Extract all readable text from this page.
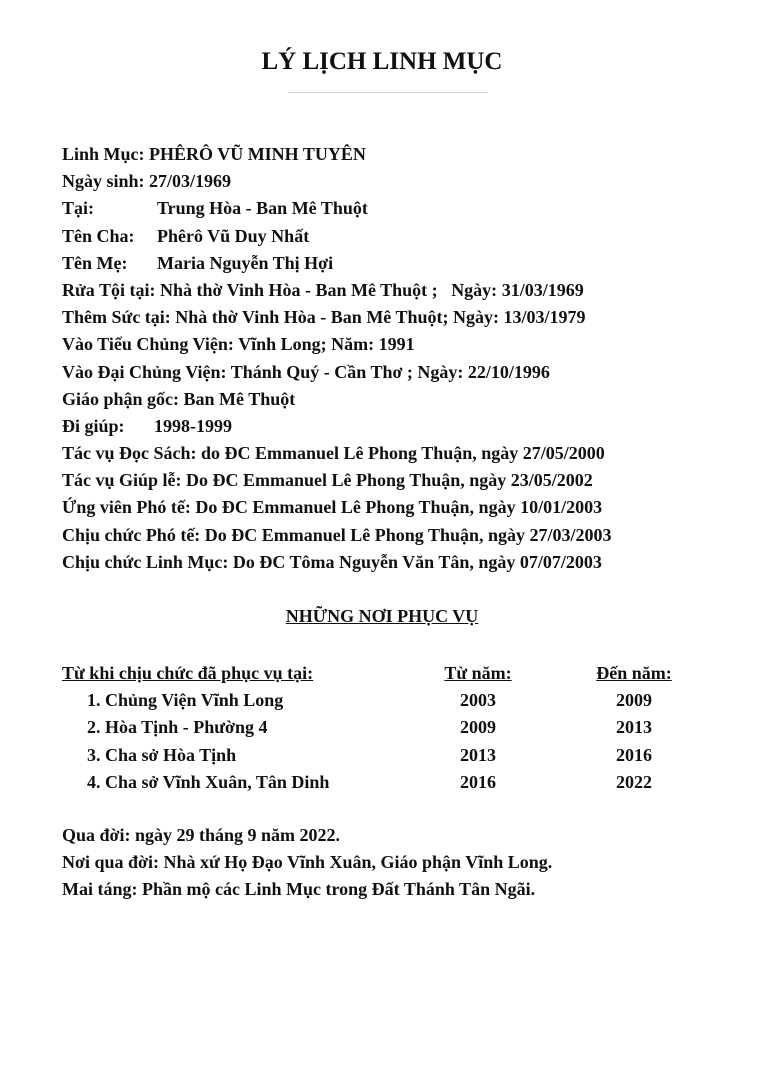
LÝ LỊCH LINH MỤC
Linh Mục: PHÊRÔ VŨ MINH TUYÊN
Ngày sinh: 27/03/1969
Tại:	Trung Hòa - Ban Mê Thuột
Tên Cha: Phêrô Vũ Duy Nhất
Tên Mẹ: Maria Nguyễn Thị Hợi
Rửa Tội tại: Nhà thờ Vinh Hòa - Ban Mê Thuột ; Ngày: 31/03/1969
Thêm Sức tại: Nhà thờ Vinh Hòa - Ban Mê Thuột; Ngày: 13/03/1979
Vào Tiểu Chủng Viện: Vĩnh Long; Năm: 1991
Vào Đại Chủng Viện: Thánh Quý - Cần Thơ ; Ngày: 22/10/1996
Giáo phận gốc: Ban Mê Thuột
Đi giúp: 1998-1999
Tác vụ Đọc Sách: do ĐC Emmanuel Lê Phong Thuận, ngày 27/05/2000
Tác vụ Giúp lễ: Do ĐC Emmanuel Lê Phong Thuận, ngày 23/05/2002
Ứng viên Phó tế: Do ĐC Emmanuel Lê Phong Thuận, ngày 10/01/2003
Chịu chức Phó tế: Do ĐC Emmanuel Lê Phong Thuận, ngày 27/03/2003
Chịu chức Linh Mục: Do ĐC Tôma Nguyễn Văn Tân, ngày 07/07/2003
NHỮNG NƠI PHỤC VỤ
Từ khi chịu chức đã phục vụ tại:	Từ năm:	Đến năm:
1. Chủng Viện Vĩnh Long	2003	2009
2. Hòa Tịnh - Phường 4	2009	2013
3. Cha sở Hòa Tịnh	2013	2016
4. Cha sở Vĩnh Xuân, Tân Dinh	2016	2022
Qua đời: ngày 29 tháng 9 năm 2022.
Nơi qua đời: Nhà xứ Họ Đạo Vĩnh Xuân, Giáo phận Vĩnh Long.
Mai táng: Phần mộ các Linh Mục trong Đất Thánh Tân Ngãi.
